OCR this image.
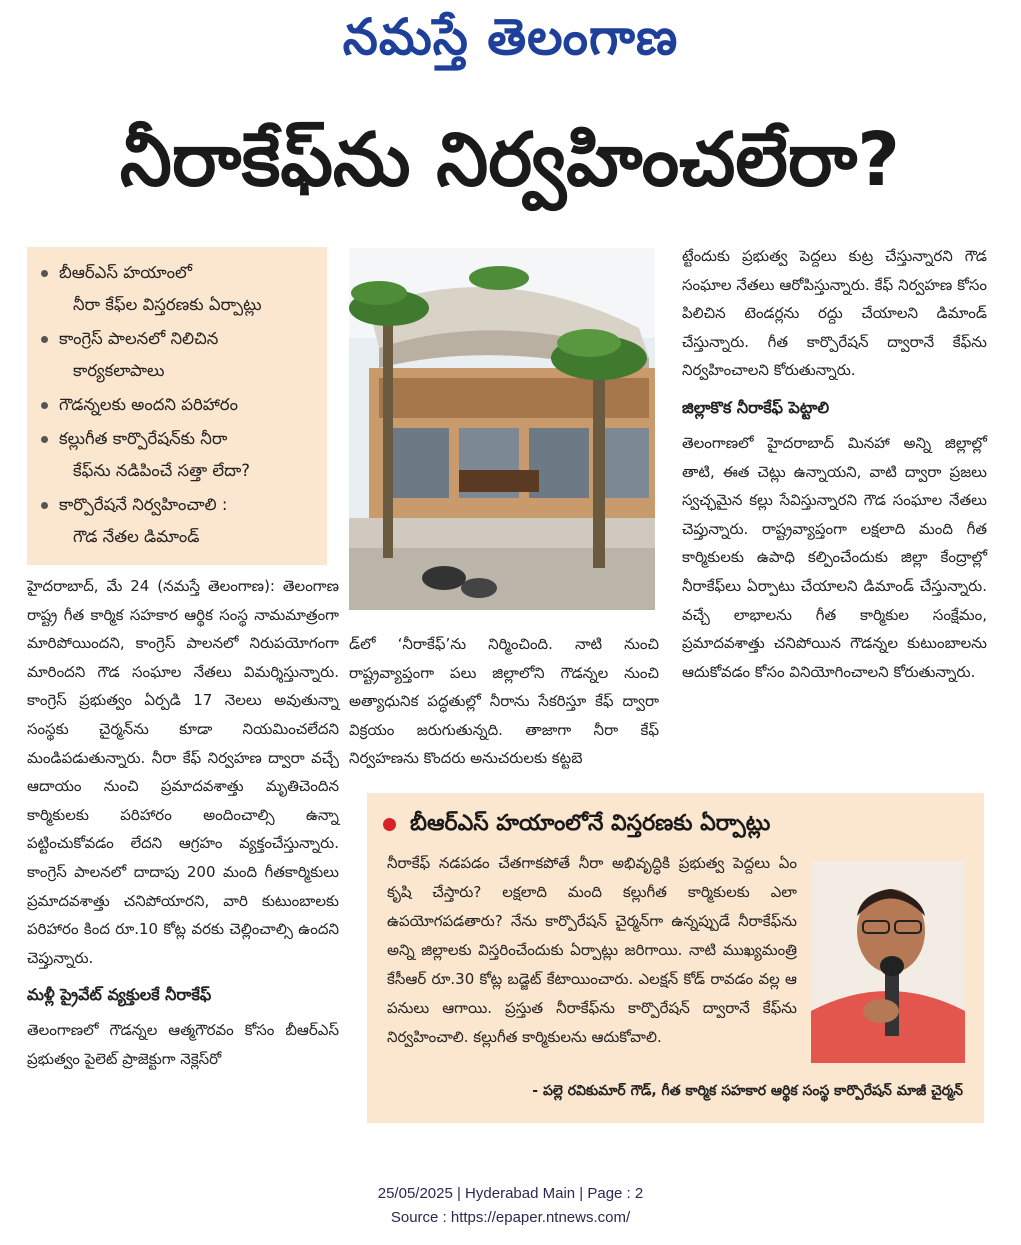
నమస్తే తెలంగాణ
నీరాకేఫ్‌ను నిర్వహించలేరా?
బీఆర్‌ఎస్ హయాంలో
నీరా కేఫ్‌ల విస్తరణకు ఏర్పాట్లు
కాంగ్రెస్ పాలనలో నిలిచిన
కార్యకలాపాలు
గౌడన్నలకు అందని పరిహారం
కల్లుగీత కార్పొరేషన్‌కు నీరా
కేఫ్‌ను నడిపించే సత్తా లేదా?
కార్పొరేషనే నిర్వహించాలి :
గౌడ నేతల డిమాండ్

హైదరాబాద్, మే 24 (నమస్తే తెలంగాణ): తెలంగాణ రాష్ట్ర గీత కార్మిక సహకార ఆర్థిక సంస్థ నామమాత్రంగా మారిపోయిందని, కాంగ్రెస్ పాలనలో నిరుపయోగంగా మారిందని గౌడ సంఘాల నేతలు విమర్శిస్తున్నారు. కాంగ్రెస్ ప్రభుత్వం ఏర్పడి 17 నెలలు అవుతున్నా సంస్థకు చైర్మన్‌ను కూడా నియమించలేదని మండిపడుతున్నారు. నీరా కేఫ్ నిర్వహణ ద్వారా వచ్చే ఆదాయం నుంచి ప్రమాదవశాత్తు మృతిచెందిన కార్మికులకు పరిహారం అందించాల్సి ఉన్నా పట్టించుకోవడం లేదని ఆగ్రహం వ్యక్తంచేస్తున్నారు. కాంగ్రెస్ పాలనలో దాదాపు 200 మంది గీతకార్మికులు ప్రమాదవశాత్తు చనిపోయారని, వారి కుటుంబాలకు పరిహారం కింద రూ.10 కోట్ల వరకు చెల్లించాల్సి ఉందని చెప్తున్నారు.

మళ్లీ ప్రైవేట్ వ్యక్తులకే నీరాకేఫ్

తెలంగాణలో గౌడన్నల ఆత్మగౌరవం కోసం బీఆర్‌ఎస్ ప్రభుత్వం పైలెట్ ప్రాజెక్టుగా నెక్లెస్‌రో

డ్‌లో ‘నీరాకేఫ్’ను నిర్మించింది. నాటి నుంచి రాష్ట్రవ్యాప్తంగా పలు జిల్లాలోని గౌడన్నల నుంచి అత్యాధునిక పద్ధతుల్లో నీరాను సేకరిస్తూ కేఫ్ ద్వారా విక్రయం జరుగుతున్నది. తాజాగా నీరా కేఫ్ నిర్వహణను కొందరు అనుచరులకు కట్టబె

ట్టేందుకు ప్రభుత్వ పెద్దలు కుట్ర చేస్తున్నారని గౌడ సంఘాల నేతలు ఆరోపిస్తున్నారు. కేఫ్ నిర్వహణ కోసం పిలిచిన టెండర్లను రద్దు చేయాలని డిమాండ్ చేస్తున్నారు. గీత కార్పొరేషన్ ద్వారానే కేఫ్‌ను నిర్వహించాలని కోరుతున్నారు.

జిల్లాకొక నీరాకేఫ్ పెట్టాలి

తెలంగాణలో హైదరాబాద్ మినహా అన్ని జిల్లాల్లో తాటి, ఈత చెట్లు ఉన్నాయని, వాటి ద్వారా ప్రజలు స్వచ్ఛమైన కల్లు సేవిస్తున్నారని గౌడ సంఘాల నేతలు చెప్తున్నారు. రాష్ట్రవ్యాప్తంగా లక్షలాది మంది గీత కార్మికులకు ఉపాధి కల్పించేందుకు జిల్లా కేంద్రాల్లో నీరాకేఫ్‌లు ఏర్పాటు చేయాలని డిమాండ్ చేస్తున్నారు. వచ్చే లాభాలను గీత కార్మికుల సంక్షేమం, ప్రమాదవశాత్తు చనిపోయిన గౌడన్నల కుటుంబాలను ఆదుకోవడం కోసం వినియోగించాలని కోరుతున్నారు.

బీఆర్‌ఎస్ హయాంలోనే విస్తరణకు ఏర్పాట్లు
నీరాకేఫ్ నడపడం చేతగాకపోతే నీరా అభివృద్ధికి ప్రభుత్వ పెద్దలు ఏం కృషి చేస్తారు? లక్షలాది మంది కల్లుగీత కార్మికులకు ఎలా ఉపయోగపడతారు? నేను కార్పొరేషన్ చైర్మన్‌గా ఉన్నప్పుడే నీరాకేఫ్‌ను అన్ని జిల్లాలకు విస్తరించేందుకు ఏర్పాట్లు జరిగాయి. నాటి ముఖ్యమంత్రి కేసీఆర్ రూ.30 కోట్ల బడ్జెట్ కేటాయించారు. ఎలక్షన్ కోడ్ రావడం వల్ల ఆ పనులు ఆగాయి. ప్రస్తుత నీరాకేఫ్‌ను కార్పొరేషన్ ద్వారానే కేఫ్‌ను నిర్వహించాలి. కల్లుగీత కార్మికులను ఆదుకోవాలి.
- పల్లె రవికుమార్ గౌడ్, గీత కార్మిక సహకార ఆర్థిక సంస్థ కార్పొరేషన్ మాజీ చైర్మన్
25/05/2025 | Hyderabad Main | Page : 2
Source : https://epaper.ntnews.com/
